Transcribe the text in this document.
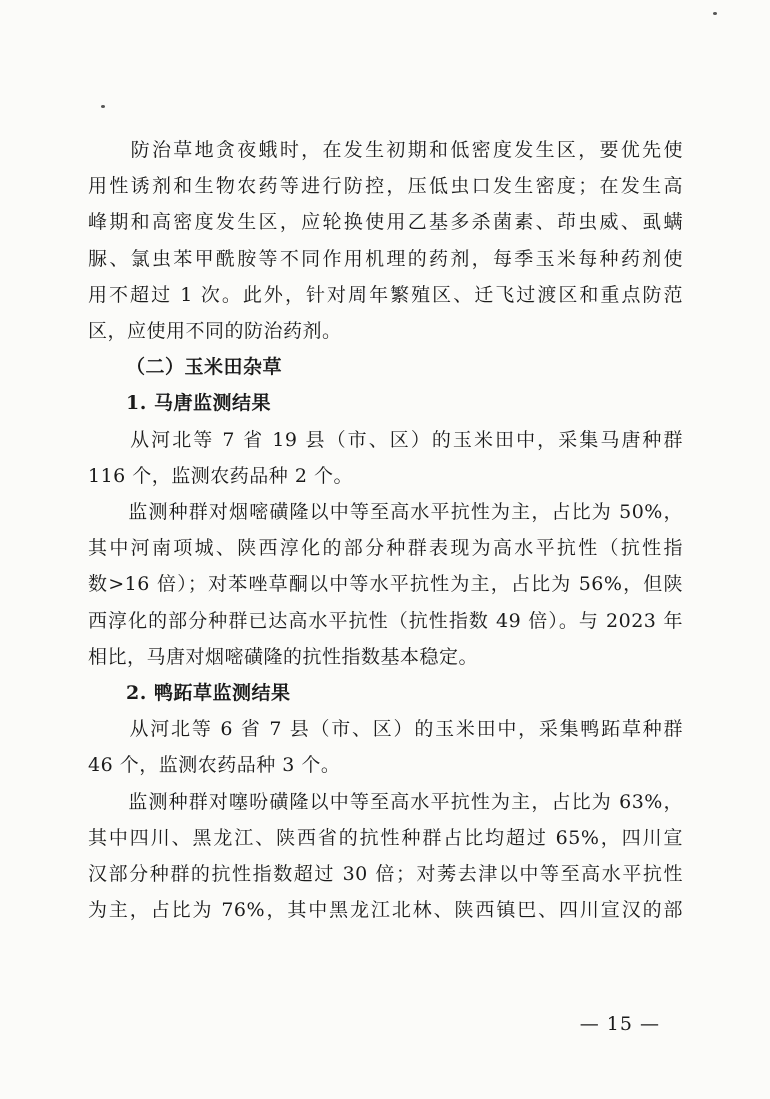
　　防治草地贪夜蛾时，在发生初期和低密度发生区，要优先使
用性诱剂和生物农药等进行防控，压低虫口发生密度；在发生高
峰期和高密度发生区，应轮换使用乙基多杀菌素、茚虫威、虱螨
脲、氯虫苯甲酰胺等不同作用机理的药剂，每季玉米每种药剂使
用不超过 1 次。此外，针对周年繁殖区、迁飞过渡区和重点防范
区，应使用不同的防治药剂。

（二）玉米田杂草

1. 马唐监测结果

　　从河北等 7 省 19 县（市、区）的玉米田中，采集马唐种群
116 个，监测农药品种 2 个。

　　监测种群对烟嘧磺隆以中等至高水平抗性为主，占比为 50%，
其中河南项城、陕西淳化的部分种群表现为高水平抗性（抗性指
数>16 倍）；对苯唑草酮以中等水平抗性为主，占比为 56%，但陕
西淳化的部分种群已达高水平抗性（抗性指数 49 倍）。与 2023 年
相比，马唐对烟嘧磺隆的抗性指数基本稳定。

2. 鸭跖草监测结果

　　从河北等 6 省 7 县（市、区）的玉米田中，采集鸭跖草种群
46 个，监测农药品种 3 个。

　　监测种群对噻吩磺隆以中等至高水平抗性为主，占比为 63%，
其中四川、黑龙江、陕西省的抗性种群占比均超过 65%，四川宣
汉部分种群的抗性指数超过 30 倍；对莠去津以中等至高水平抗性
为主，占比为 76%，其中黑龙江北林、陕西镇巴、四川宣汉的部

— 15 —
